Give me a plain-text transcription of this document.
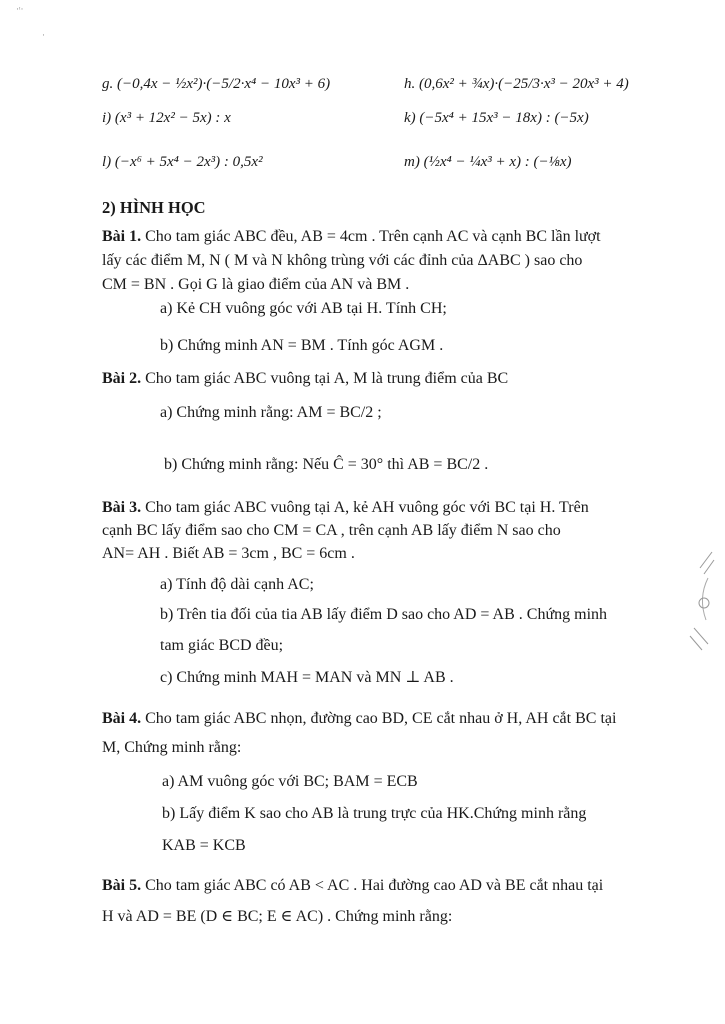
·ᶦ·
·
g. (−0,4x − ½x²)·(−5/2·x⁴ − 10x³ + 6)	h. (0,6x² + ¾x)·(−25/3·x³ − 20x³ + 4)
i) (x³ + 12x² − 5x) : x	k) (−5x⁴ + 15x³ − 18x) : (−5x)
l) (−x⁶ + 5x⁴ − 2x³) : 0,5x²	m) (½x⁴ − ¼x³ + x) : (−⅛x)
2) HÌNH HỌC
Bài 1. Cho tam giác ABC đều, AB = 4cm . Trên cạnh AC và cạnh BC lần lượt
lấy các điểm M, N ( M và N không trùng với các đỉnh của ΔABC ) sao cho
CM = BN . Gọi G là giao điểm của AN và BM .
a) Kẻ CH vuông góc với AB tại H. Tính CH;
b) Chứng minh AN = BM . Tính góc AGM .
Bài 2. Cho tam giác ABC vuông tại A, M là trung điểm của BC
a) Chứng minh rằng: AM = BC/2 ;
b) Chứng minh rằng: Nếu Ĉ = 30° thì AB = BC/2 .
Bài 3. Cho tam giác ABC vuông tại A, kẻ AH vuông góc với BC tại H. Trên
cạnh BC lấy điểm sao cho CM = CA , trên cạnh AB lấy điểm N sao cho
AN= AH . Biết AB = 3cm , BC = 6cm .
a) Tính độ dài cạnh AC;
b) Trên tia đối của tia AB lấy điểm D sao cho AD = AB . Chứng minh
tam giác BCD đều;
c) Chứng minh MAH = MAN và MN ⊥ AB .
Bài 4. Cho tam giác ABC nhọn, đường cao BD, CE cắt nhau ở H, AH cắt BC tại
M, Chứng minh rằng:
a) AM vuông góc với BC; BAM = ECB
b) Lấy điểm K sao cho AB là trung trực của HK.Chứng minh rằng
KAB = KCB
Bài 5. Cho tam giác ABC có AB < AC . Hai đường cao AD và BE cắt nhau tại
H và AD = BE (D ∈ BC; E ∈ AC) . Chứng minh rằng:
